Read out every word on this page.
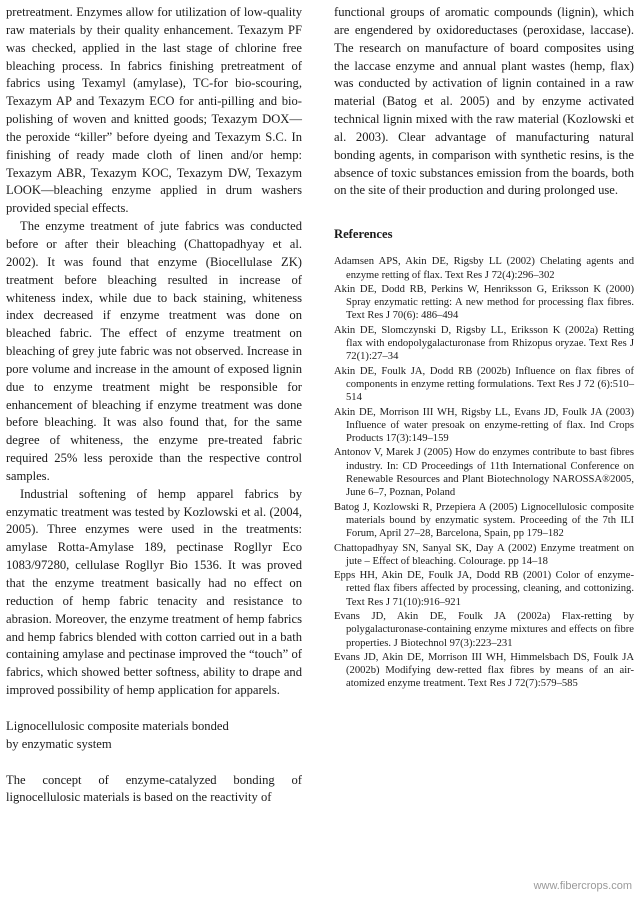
pretreatment. Enzymes allow for utilization of low-quality raw materials by their quality enhancement. Texazym PF was checked, applied in the last stage of chlorine free bleaching process. In fabrics finishing pretreatment of fabrics using Texamyl (amylase), TC-for bio-scouring, Texazym AP and Texazym ECO for anti-pilling and bio-polishing of woven and knitted goods; Texazym DOX—the peroxide “killer” before dyeing and Texazym S.C. In finishing of ready made cloth of linen and/or hemp: Texazym ABR, Texazym KOC, Texazym DW, Texazym LOOK—bleaching enzyme applied in drum washers provided special effects.

The enzyme treatment of jute fabrics was conducted before or after their bleaching (Chattopadhyay et al. 2002). It was found that enzyme (Biocellulase ZK) treatment before bleaching resulted in increase of whiteness index, while due to back staining, whiteness index decreased if enzyme treatment was done on bleached fabric. The effect of enzyme treatment on bleaching of grey jute fabric was not observed. Increase in pore volume and increase in the amount of exposed lignin due to enzyme treatment might be responsible for enhancement of bleaching if enzyme treatment was done before bleaching. It was also found that, for the same degree of whiteness, the enzyme pre-treated fabric required 25% less peroxide than the respective control samples.

Industrial softening of hemp apparel fabrics by enzymatic treatment was tested by Kozlowski et al. (2004, 2005). Three enzymes were used in the treatments: amylase Rotta-Amylase 189, pectinase Rogllyr Eco 1083/97280, cellulase Rogllyr Bio 1536. It was proved that the enzyme treatment basically had no effect on reduction of hemp fabric tenacity and resistance to abrasion. Moreover, the enzyme treatment of hemp fabrics and hemp fabrics blended with cotton carried out in a bath containing amylase and pectinase improved the “touch” of fabrics, which showed better softness, ability to drape and improved possibility of hemp application for apparels.

Lignocellulosic composite materials bonded

by enzymatic system

The concept of enzyme-catalyzed bonding of lignocellulosic materials is based on the reactivity of

functional groups of aromatic compounds (lignin), which are engendered by oxidoreductases (peroxidase, laccase). The research on manufacture of board composites using the laccase enzyme and annual plant wastes (hemp, flax) was conducted by activation of lignin contained in a raw material (Batog et al. 2005) and by enzyme activated technical lignin mixed with the raw material (Kozlowski et al. 2003). Clear advantage of manufacturing natural bonding agents, in comparison with synthetic resins, is the absence of toxic substances emission from the boards, both on the site of their production and during prolonged use.

References

Adamsen APS, Akin DE, Rigsby LL (2002) Chelating agents and enzyme retting of flax. Text Res J 72(4):296–302

Akin DE, Dodd RB, Perkins W, Henriksson G, Eriksson K (2000) Spray enzymatic retting: A new method for processing flax fibres. Text Res J 70(6): 486–494

Akin DE, Slomczynski D, Rigsby LL, Eriksson K (2002a) Retting flax with endopolygalacturonase from Rhizopus oryzae. Text Res J 72(1):27–34

Akin DE, Foulk JA, Dodd RB (2002b) Influence on flax fibres of components in enzyme retting formulations. Text Res J 72 (6):510–514

Akin DE, Morrison III WH, Rigsby LL, Evans JD, Foulk JA (2003) Influence of water presoak on enzyme-retting of flax. Ind Crops Products 17(3):149–159

Antonov V, Marek J (2005) How do enzymes contribute to bast fibres industry. In: CD Proceedings of 11th International Conference on Renewable Resources and Plant Biotechnology NAROSSA®2005, June 6–7, Poznan, Poland

Batog J, Kozlowski R, Przepiera A (2005) Lignocellulosic composite materials bound by enzymatic system. Proceeding of the 7th ILI Forum, April 27–28, Barcelona, Spain, pp 179–182

Chattopadhyay SN, Sanyal SK, Day A (2002) Enzyme treatment on jute – Effect of bleaching. Colourage. pp 14–18

Epps HH, Akin DE, Foulk JA, Dodd RB (2001) Color of enzyme-retted flax fibers affected by processing, cleaning, and cottonizing. Text Res J 71(10):916–921

Evans JD, Akin DE, Foulk JA (2002a) Flax-retting by polygalacturonase-containing enzyme mixtures and effects on fibre properties. J Biotechnol 97(3):223–231

Evans JD, Akin DE, Morrison III WH, Himmelsbach DS, Foulk JA (2002b) Modifying dew-retted flax fibres by means of an air-atomized enzyme treatment. Text Res J 72(7):579–585

www.fibercrops.com
